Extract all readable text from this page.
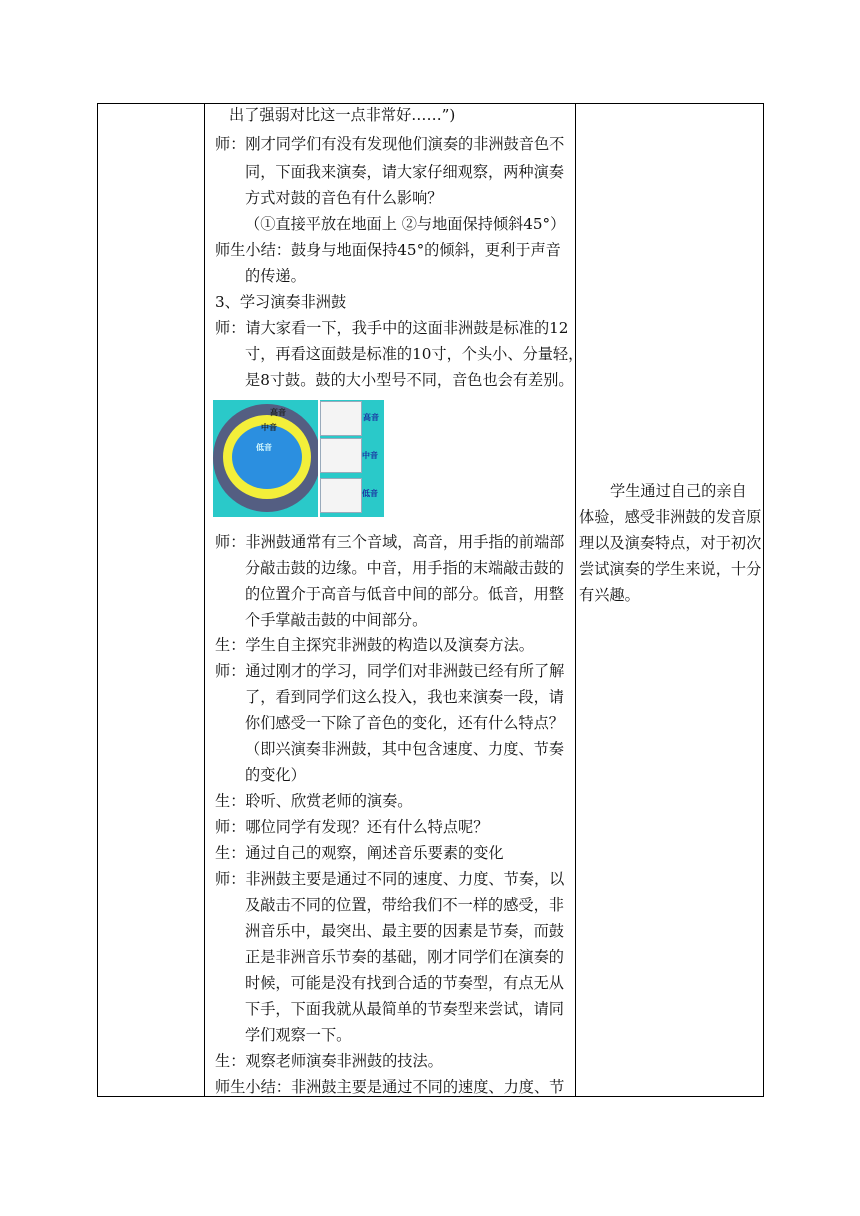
出了强弱对比这一点非常好……”)
师：刚才同学们有没有发现他们演奏的非洲鼓音色不
同，下面我来演奏，请大家仔细观察，两种演奏
方式对鼓的音色有什么影响？
（①直接平放在地面上 ②与地面保持倾斜45°）
师生小结：鼓身与地面保持45°的倾斜，更利于声音
的传递。
3、学习演奏非洲鼓
师：请大家看一下，我手中的这面非洲鼓是标准的12
寸，再看这面鼓是标准的10寸，个头小、分量轻，
是8寸鼓。鼓的大小型号不同，音色也会有差别。
师：非洲鼓通常有三个音域，高音，用手指的前端部
分敲击鼓的边缘。中音，用手指的末端敲击鼓的
的位置介于高音与低音中间的部分。低音，用整
个手掌敲击鼓的中间部分。
生：学生自主探究非洲鼓的构造以及演奏方法。
师：通过刚才的学习，同学们对非洲鼓已经有所了解
了，看到同学们这么投入，我也来演奏一段，请
你们感受一下除了音色的变化，还有什么特点？
（即兴演奏非洲鼓，其中包含速度、力度、节奏
的变化）
生：聆听、欣赏老师的演奏。
师：哪位同学有发现？还有什么特点呢？
生：通过自己的观察，阐述音乐要素的变化
师：非洲鼓主要是通过不同的速度、力度、节奏，以
及敲击不同的位置，带给我们不一样的感受，非
洲音乐中，最突出、最主要的因素是节奏，而鼓
正是非洲音乐节奏的基础，刚才同学们在演奏的
时候，可能是没有找到合适的节奏型，有点无从
下手，下面我就从最简单的节奏型来尝试，请同
学们观察一下。
生：观察老师演奏非洲鼓的技法。
师生小结：非洲鼓主要是通过不同的速度、力度、节
高音
中音
低音
高音
中音
低音	学生通过自己的亲自
体验，感受非洲鼓的发音原
理以及演奏特点，对于初次
尝试演奏的学生来说，十分
有兴趣。
